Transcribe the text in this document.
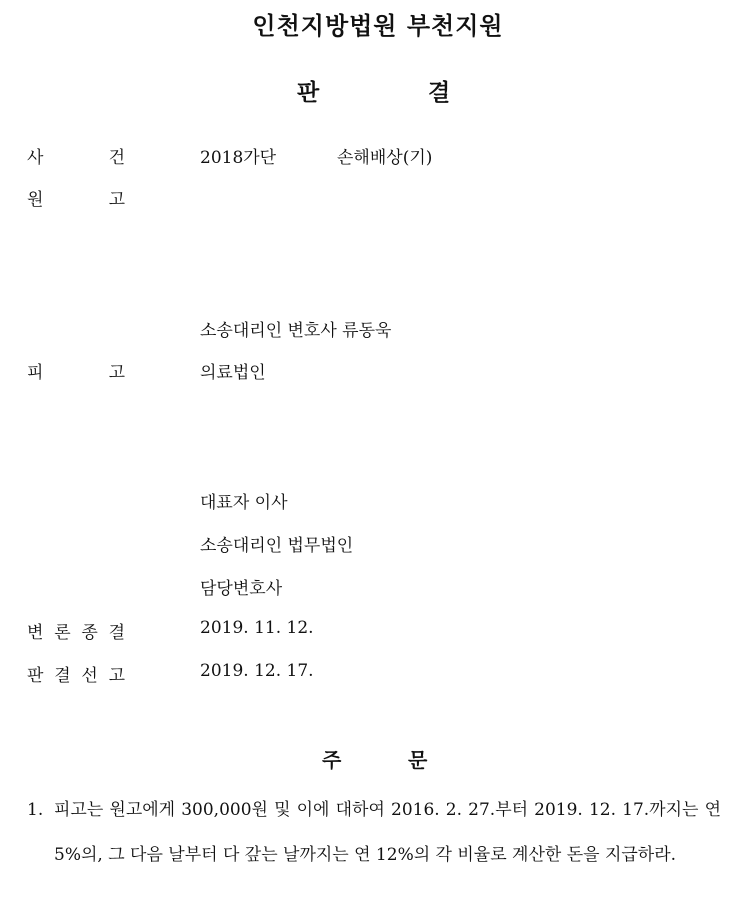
인천지방법원 부천지원
판	결
사	건	2018가단	손해배상(기)
원	고
소송대리인 변호사 류동욱
피	고	의료법인
대표자 이사
소송대리인 법무법인
담당변호사
변 론 종 결	2019. 11. 12.
판 결 선 고	2019. 12. 17.
주	문
1. 피고는 원고에게 300,000원 및 이에 대하여 2016. 2. 27.부터 2019. 12. 17.까지는 연 5%의, 그 다음 날부터 다 갚는 날까지는 연 12%의 각 비율로 계산한 돈을 지급하라.
